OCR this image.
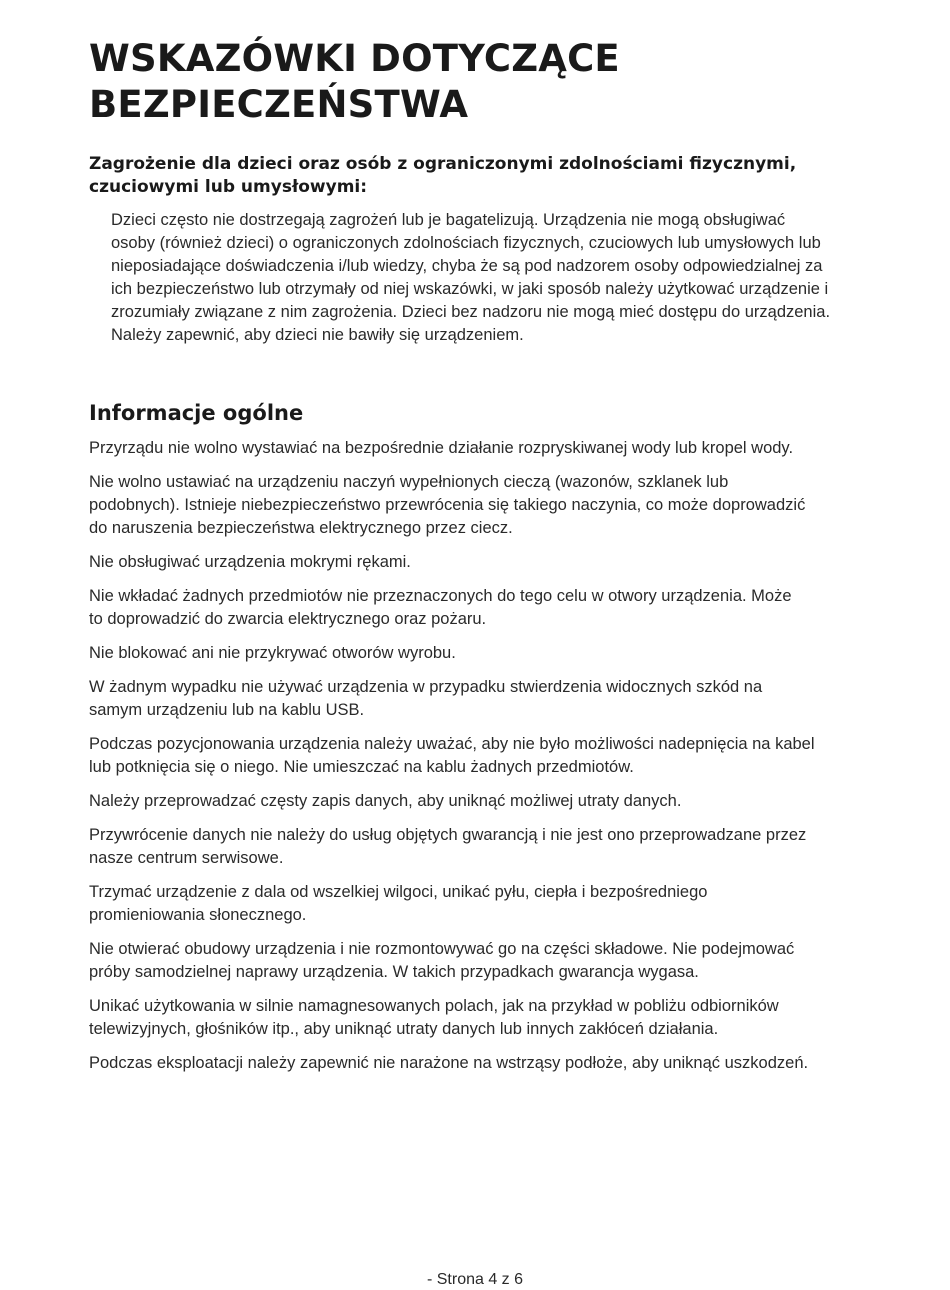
WSKAZÓWKI DOTYCZĄCE
BEZPIECZEŃSTWA
Zagrożenie dla dzieci oraz osób z ograniczonymi zdolnościami fizycznymi,
czuciowymi lub umysłowymi:

Dzieci często nie dostrzegają zagrożeń lub je bagatelizują. Urządzenia nie mogą obsługiwać
osoby (również dzieci) o ograniczonych zdolnościach fizycznych, czuciowych lub umysłowych lub
nieposiadające doświadczenia i/lub wiedzy, chyba że są pod nadzorem osoby odpowiedzialnej za
ich bezpieczeństwo lub otrzymały od niej wskazówki, w jaki sposób należy użytkować urządzenie i
zrozumiały związane z nim zagrożenia. Dzieci bez nadzoru nie mogą mieć dostępu do urządzenia.
Należy zapewnić, aby dzieci nie bawiły się urządzeniem.

Informacje ogólne
Przyrządu nie wolno wystawiać na bezpośrednie działanie rozpryskiwanej wody lub kropel wody.
Nie wolno ustawiać na urządzeniu naczyń wypełnionych cieczą (wazonów, szklanek lub
podobnych). Istnieje niebezpieczeństwo przewrócenia się takiego naczynia, co może doprowadzić
do naruszenia bezpieczeństwa elektrycznego przez ciecz.
Nie obsługiwać urządzenia mokrymi rękami.
Nie wkładać żadnych przedmiotów nie przeznaczonych do tego celu w otwory urządzenia. Może
to doprowadzić do zwarcia elektrycznego oraz pożaru.
Nie blokować ani nie przykrywać otworów wyrobu.
W żadnym wypadku nie używać urządzenia w przypadku stwierdzenia widocznych szkód na
samym urządzeniu lub na kablu USB.
Podczas pozycjonowania urządzenia należy uważać, aby nie było możliwości nadepnięcia na kabel
lub potknięcia się o niego. Nie umieszczać na kablu żadnych przedmiotów.
Należy przeprowadzać częsty zapis danych, aby uniknąć możliwej utraty danych.
Przywrócenie danych nie należy do usług objętych gwarancją i nie jest ono przeprowadzane przez
nasze centrum serwisowe.
Trzymać urządzenie z dala od wszelkiej wilgoci, unikać pyłu, ciepła i bezpośredniego
promieniowania słonecznego.
Nie otwierać obudowy urządzenia i nie rozmontowywać go na części składowe. Nie podejmować
próby samodzielnej naprawy urządzenia. W takich przypadkach gwarancja wygasa.
Unikać użytkowania w silnie namagnesowanych polach, jak na przykład w pobliżu odbiorników
telewizyjnych, głośników itp., aby uniknąć utraty danych lub innych zakłóceń działania.
Podczas eksploatacji należy zapewnić nie narażone na wstrząsy podłoże, aby uniknąć uszkodzeń.
- Strona 4 z 6
